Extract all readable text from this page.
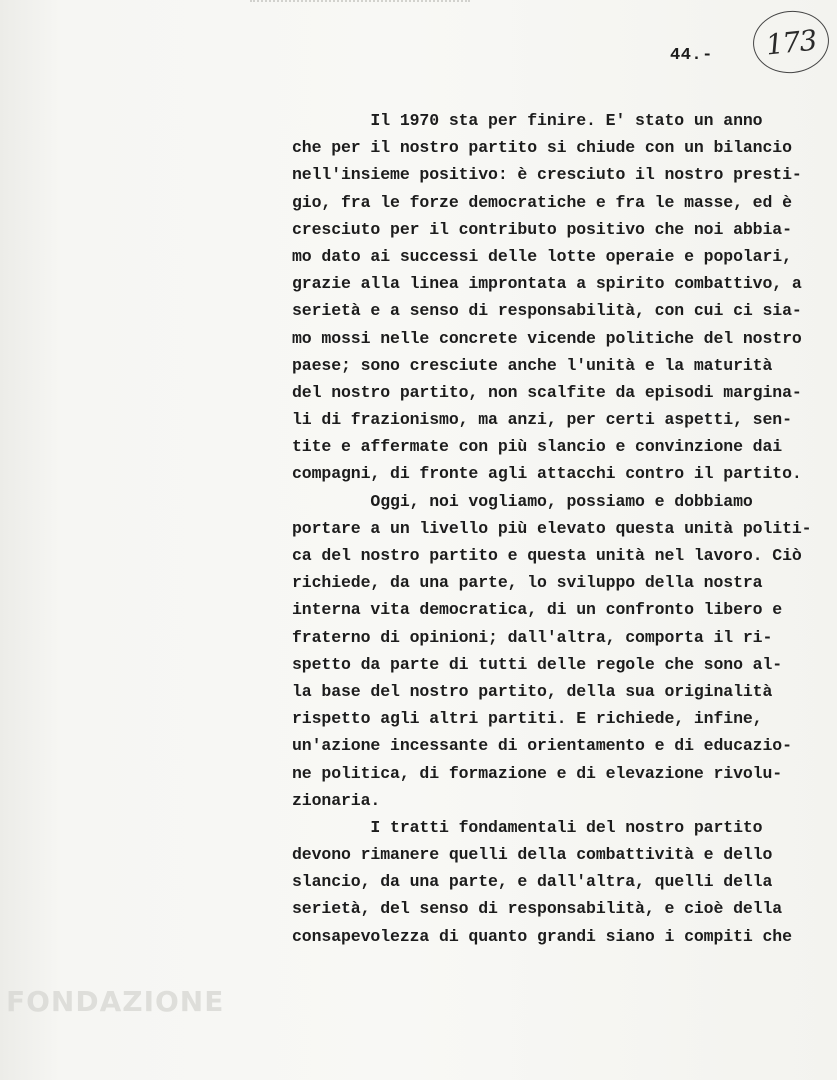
44.- 173
Il 1970 sta per finire. E' stato un anno
che per il nostro partito si chiude con un bilancio
nell'insieme positivo: è cresciuto il nostro presti-
gio, fra le forze democratiche e fra le masse, ed è
cresciuto per il contributo positivo che noi abbia-
mo dato ai successi delle lotte operaie e popolari,
grazie alla linea improntata a spirito combattivo, a
serietà e a senso di responsabilità, con cui ci sia-
mo mossi nelle concrete vicende politiche del nostro
paese; sono cresciute anche l'unità e la maturità
del nostro partito, non scalfite da episodi margina-
li di frazionismo, ma anzi, per certi aspetti, sen-
tite e affermate con più slancio e convinzione dai
compagni, di fronte agli attacchi contro il partito.
Oggi, noi vogliamo, possiamo e dobbiamo
portare a un livello più elevato questa unità politi-
ca del nostro partito e questa unità nel lavoro. Ciò
richiede, da una parte, lo sviluppo della nostra
interna vita democratica, di un confronto libero e
fraterno di opinioni; dall'altra, comporta il ri-
spetto da parte di tutti delle regole che sono al-
la base del nostro partito, della sua originalità
rispetto agli altri partiti. E richiede, infine,
un'azione incessante di orientamento e di educazio-
ne politica, di formazione e di elevazione rivolu-
zionaria.
I tratti fondamentali del nostro partito
devono rimanere quelli della combattività e dello
slancio, da una parte, e dall'altra, quelli della
serietà, del senso di responsabilità, e cioè della
consapevolezza di quanto grandi siano i compiti che
FONDAZIONE
